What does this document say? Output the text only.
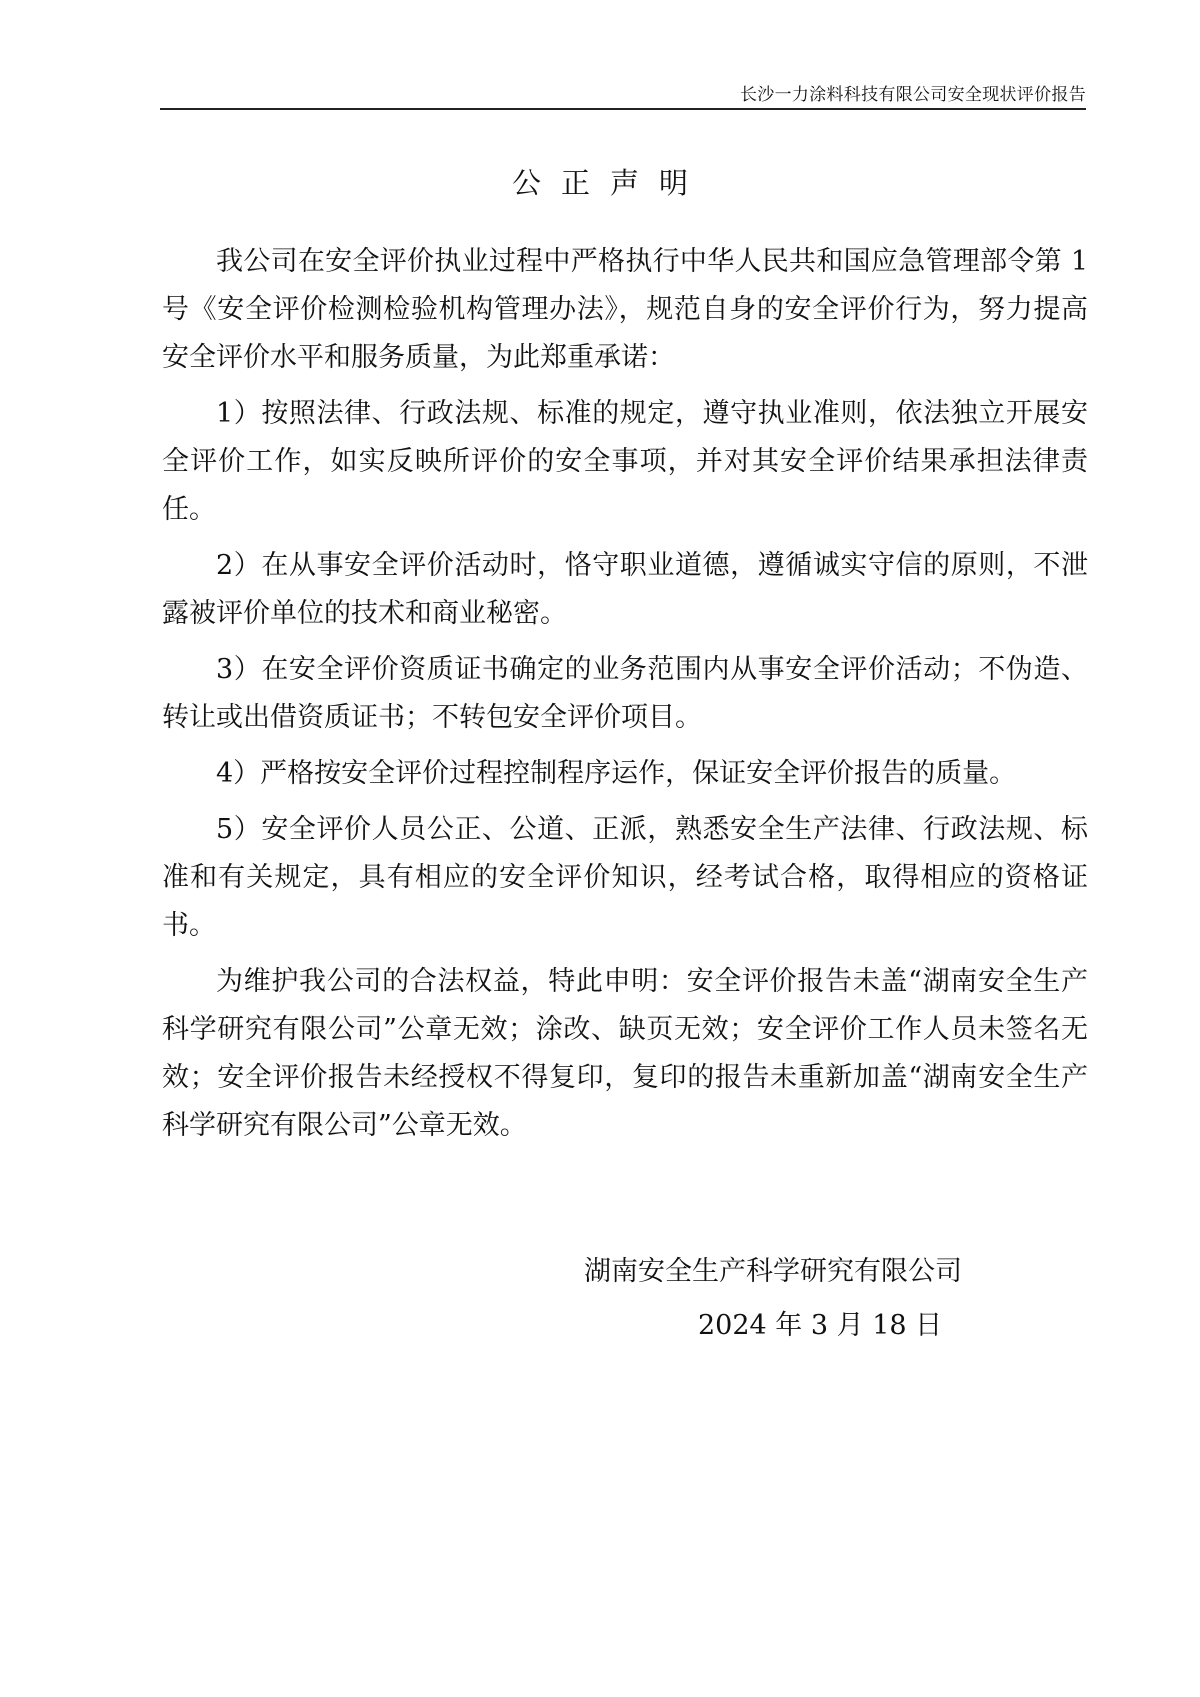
长沙一力涂料科技有限公司安全现状评价报告
公正声明

我公司在安全评价执业过程中严格执行中华人民共和国应急管理部令第 1 号《安全评价检测检验机构管理办法》，规范自身的安全评价行为，努力提高安全评价水平和服务质量，为此郑重承诺：

1）按照法律、行政法规、标准的规定，遵守执业准则，依法独立开展安全评价工作，如实反映所评价的安全事项，并对其安全评价结果承担法律责任。

2）在从事安全评价活动时，恪守职业道德，遵循诚实守信的原则，不泄露被评价单位的技术和商业秘密。

3）在安全评价资质证书确定的业务范围内从事安全评价活动；不伪造、转让或出借资质证书；不转包安全评价项目。

4）严格按安全评价过程控制程序运作，保证安全评价报告的质量。

5）安全评价人员公正、公道、正派，熟悉安全生产法律、行政法规、标准和有关规定，具有相应的安全评价知识，经考试合格，取得相应的资格证书。

为维护我公司的合法权益，特此申明：安全评价报告未盖“湖南安全生产科学研究有限公司”公章无效；涂改、缺页无效；安全评价工作人员未签名无效；安全评价报告未经授权不得复印，复印的报告未重新加盖“湖南安全生产科学研究有限公司”公章无效。

湖南安全生产科学研究有限公司
2024 年 3 月 18 日
